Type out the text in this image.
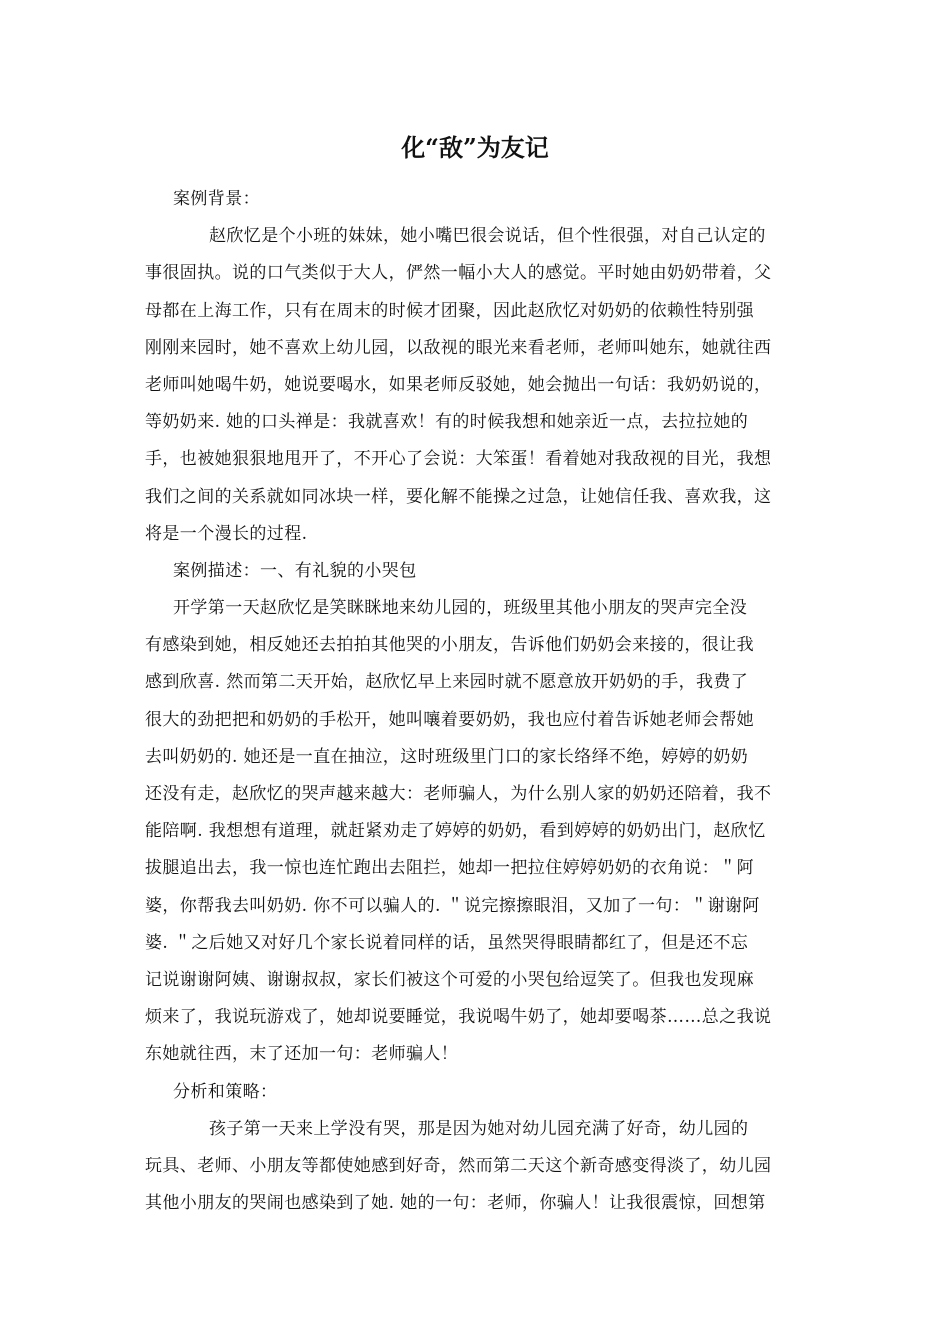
化“敌”为友记
案例背景：
赵欣忆是个小班的妹妹，她小嘴巴很会说话，但个性很强，对自己认定的
事很固执。说的口气类似于大人，俨然一幅小大人的感觉。平时她由奶奶带着，父
母都在上海工作，只有在周末的时候才团聚，因此赵欣忆对奶奶的依赖性特别强
刚刚来园时，她不喜欢上幼儿园，以敌视的眼光来看老师，老师叫她东，她就往西
老师叫她喝牛奶，她说要喝水，如果老师反驳她，她会抛出一句话：我奶奶说的，
等奶奶来. 她的口头禅是：我就喜欢！有的时候我想和她亲近一点，去拉拉她的
手，也被她狠狠地甩开了，不开心了会说：大笨蛋！看着她对我敌视的目光，我想
我们之间的关系就如同冰块一样，要化解不能操之过急，让她信任我、喜欢我，这
将是一个漫长的过程.
案例描述：一、有礼貌的小哭包
开学第一天赵欣忆是笑眯眯地来幼儿园的，班级里其他小朋友的哭声完全没
有感染到她，相反她还去拍拍其他哭的小朋友，告诉他们奶奶会来接的，很让我
感到欣喜. 然而第二天开始，赵欣忆早上来园时就不愿意放开奶奶的手，我费了
很大的劲把把和奶奶的手松开，她叫嚷着要奶奶，我也应付着告诉她老师会帮她
去叫奶奶的. 她还是一直在抽泣，这时班级里门口的家长络绎不绝，婷婷的奶奶
还没有走，赵欣忆的哭声越来越大：老师骗人，为什么别人家的奶奶还陪着，我不
能陪啊. 我想想有道理，就赶紧劝走了婷婷的奶奶，看到婷婷的奶奶出门，赵欣忆
拔腿追出去，我一惊也连忙跑出去阻拦，她却一把拉住婷婷奶奶的衣角说：＂阿
婆，你帮我去叫奶奶. 你不可以骗人的. ＂说完擦擦眼泪，又加了一句：＂谢谢阿
婆. ＂之后她又对好几个家长说着同样的话，虽然哭得眼睛都红了，但是还不忘
记说谢谢阿姨、谢谢叔叔，家长们被这个可爱的小哭包给逗笑了。但我也发现麻
烦来了，我说玩游戏了，她却说要睡觉，我说喝牛奶了，她却要喝茶……总之我说
东她就往西，末了还加一句：老师骗人！
分析和策略：
孩子第一天来上学没有哭，那是因为她对幼儿园充满了好奇，幼儿园的
玩具、老师、小朋友等都使她感到好奇，然而第二天这个新奇感变得淡了，幼儿园
其他小朋友的哭闹也感染到了她. 她的一句：老师，你骗人！让我很震惊，回想第
